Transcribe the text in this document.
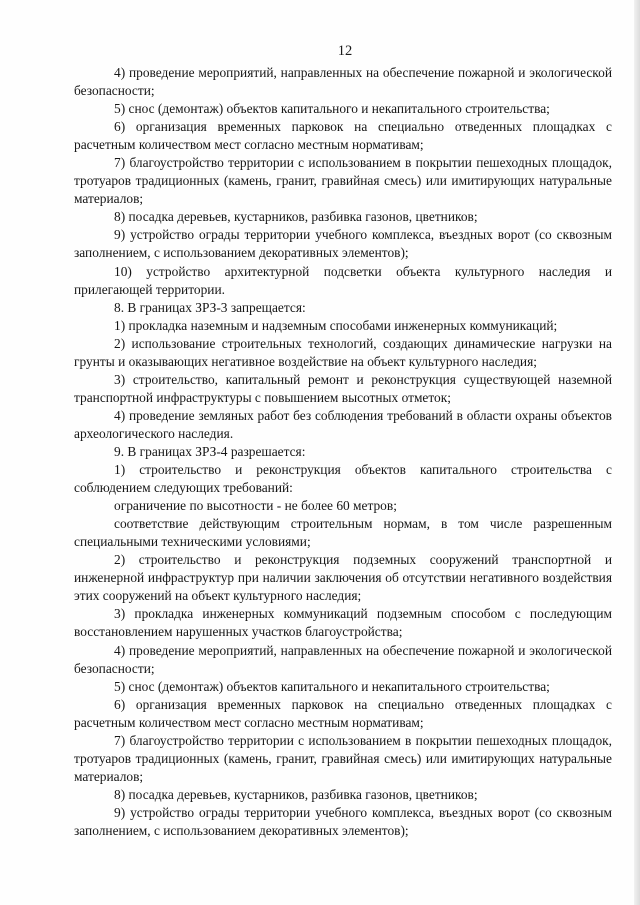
12

4) проведение мероприятий, направленных на обеспечение пожарной и экологической безопасности;

5) снос (демонтаж) объектов капитального и некапитального строительства;

6) организация временных парковок на специально отведенных площадках с расчетным количеством мест согласно местным нормативам;

7) благоустройство территории с использованием в покрытии пешеходных площадок, тротуаров традиционных (камень, гранит, гравийная смесь) или имитирующих натуральные материалов;

8) посадка деревьев, кустарников, разбивка газонов, цветников;

9) устройство ограды территории учебного комплекса, въездных ворот (со сквозным заполнением, с использованием декоративных элементов);

10) устройство архитектурной подсветки объекта культурного наследия и прилегающей территории.

8. В границах ЗРЗ-3 запрещается:

1) прокладка наземным и надземным способами инженерных коммуникаций;

2) использование строительных технологий, создающих динамические нагрузки на грунты и оказывающих негативное воздействие на объект культурного наследия;

3) строительство, капитальный ремонт и реконструкция существующей наземной транспортной инфраструктуры с повышением высотных отметок;

4) проведение земляных работ без соблюдения требований в области охраны объектов археологического наследия.

9. В границах ЗРЗ-4 разрешается:

1) строительство и реконструкция объектов капитального строительства с соблюдением следующих требований:

ограничение по высотности - не более 60 метров;

соответствие действующим строительным нормам, в том числе разрешенным специальными техническими условиями;

2) строительство и реконструкция подземных сооружений транспортной и инженерной инфраструктур при наличии заключения об отсутствии негативного воздействия этих сооружений на объект культурного наследия;

3) прокладка инженерных коммуникаций подземным способом с последующим восстановлением нарушенных участков благоустройства;

4) проведение мероприятий, направленных на обеспечение пожарной и экологической безопасности;

5) снос (демонтаж) объектов капитального и некапитального строительства;

6) организация временных парковок на специально отведенных площадках с расчетным количеством мест согласно местным нормативам;

7) благоустройство территории с использованием в покрытии пешеходных площадок, тротуаров традиционных (камень, гранит, гравийная смесь) или имитирующих натуральные материалов;

8) посадка деревьев, кустарников, разбивка газонов, цветников;

9) устройство ограды территории учебного комплекса, въездных ворот (со сквозным заполнением, с использованием декоративных элементов);
